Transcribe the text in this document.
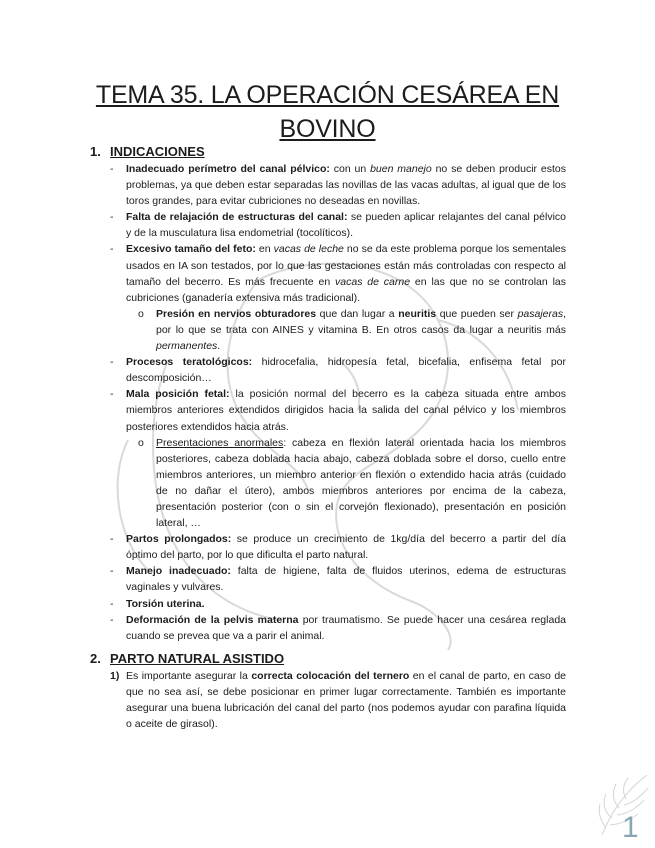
TEMA 35. LA OPERACIÓN CESÁREA EN
BOVINO
1. INDICACIONES
- Inadecuado perímetro del canal pélvico: con un buen manejo no se deben producir estos problemas, ya que deben estar separadas las novillas de las vacas adultas, al igual que de los toros grandes, para evitar cubriciones no deseadas en novillas.
- Falta de relajación de estructuras del canal: se pueden aplicar relajantes del canal pélvico y de la musculatura lisa endometrial (tocolíticos).
- Excesivo tamaño del feto: en vacas de leche no se da este problema porque los sementales usados en IA son testados, por lo que las gestaciones están más controladas con respecto al tamaño del becerro. Es más frecuente en vacas de carne en las que no se controlan las cubriciones (ganadería extensiva más tradicional).
o Presión en nervios obturadores que dan lugar a neuritis que pueden ser pasajeras, por lo que se trata con AINES y vitamina B. En otros casos da lugar a neuritis más permanentes.
- Procesos teratológicos: hidrocefalia, hidropesía fetal, bicefalia, enfisema fetal por descomposición…
- Mala posición fetal: la posición normal del becerro es la cabeza situada entre ambos miembros anteriores extendidos dirigidos hacia la salida del canal pélvico y los miembros posteriores extendidos hacia atrás.
o Presentaciones anormales: cabeza en flexión lateral orientada hacia los miembros posteriores, cabeza doblada hacia abajo, cabeza doblada sobre el dorso, cuello entre miembros anteriores, un miembro anterior en flexión o extendido hacia atrás (cuidado de no dañar el útero), ambos miembros anteriores por encima de la cabeza, presentación posterior (con o sin el corvejón flexionado), presentación en posición lateral, …
- Partos prolongados: se produce un crecimiento de 1kg/día del becerro a partir del día óptimo del parto, por lo que dificulta el parto natural.
- Manejo inadecuado: falta de higiene, falta de fluidos uterinos, edema de estructuras vaginales y vulvares.
- Torsión uterina.
- Deformación de la pelvis materna por traumatismo. Se puede hacer una cesárea reglada cuando se prevea que va a parir el animal.
2. PARTO NATURAL ASISTIDO
1) Es importante asegurar la correcta colocación del ternero en el canal de parto, en caso de que no sea así, se debe posicionar en primer lugar correctamente. También es importante asegurar una buena lubricación del canal del parto (nos podemos ayudar con parafina líquida o aceite de girasol).
1
